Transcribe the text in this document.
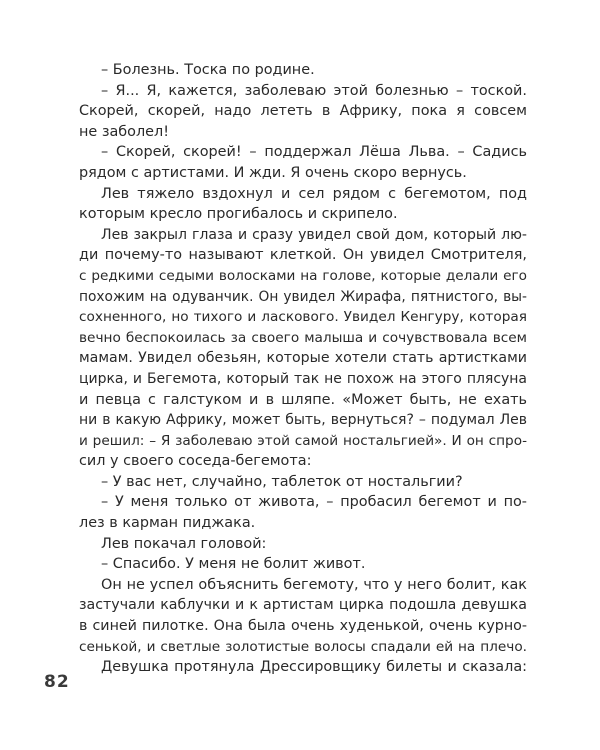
– Болезнь. Тоска по родине.
– Я... Я, кажется, заболеваю этой болезнью – тоской.
Скорей, скорей, надо лететь в Африку, пока я совсем
не заболел!
– Скорей, скорей! – поддержал Лёша Льва. – Садись
рядом с артистами. И жди. Я очень скоро вернусь.
Лев тяжело вздохнул и сел рядом с бегемотом, под
которым кресло прогибалось и скрипело.
Лев закрыл глаза и сразу увидел свой дом, который лю-
ди почему-то называют клеткой. Он увидел Смотрителя,
с редкими седыми волосками на голове, которые делали его
похожим на одуванчик. Он увидел Жирафа, пятнистого, вы-
сохненного, но тихого и ласкового. Увидел Кенгуру, которая
вечно беспокоилась за своего малыша и сочувствовала всем
мамам. Увидел обезьян, которые хотели стать артистками
цирка, и Бегемота, который так не похож на этого плясуна
и певца с галстуком и в шляпе. «Может быть, не ехать
ни в какую Африку, может быть, вернуться? – подумал Лев
и решил: – Я заболеваю этой самой ностальгией». И он спро-
сил у своего соседа-бегемота:
– У вас нет, случайно, таблеток от ностальгии?
– У меня только от живота, – пробасил бегемот и по-
лез в карман пиджака.
Лев покачал головой:
– Спасибо. У меня не болит живот.
Он не успел объяснить бегемоту, что у него болит, как
застучали каблучки и к артистам цирка подошла девушка
в синей пилотке. Она была очень худенькой, очень курно-
сенькой, и светлые золотистые волосы спадали ей на плечо.
Девушка протянула Дрессировщику билеты и сказала:
82
